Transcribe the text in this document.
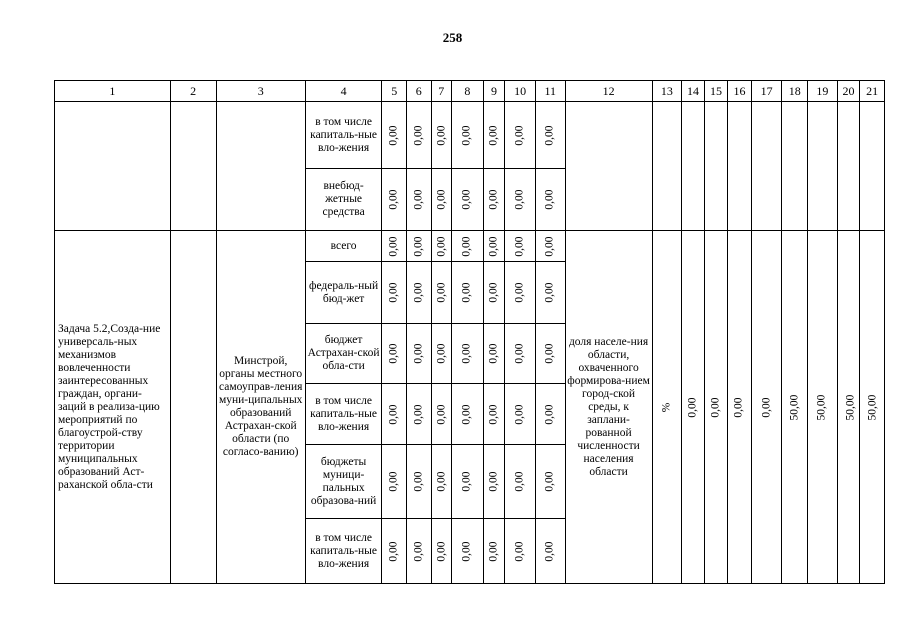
258
1	2	3	4	5	6	7	8	9	10	11	12	13	14	15	16	17	18	19	20	21
			в том числе капиталь-ные вло-жения	0,00	0,00	0,00	0,00	0,00	0,00	0,00										
			внебюд-жетные средства	0,00	0,00	0,00	0,00	0,00	0,00	0,00										
Задача 5.2,Созда-ние универсаль-ных механизмов вовлеченности заинтересованных граждан, органи-заций в реализа-цию мероприятий по благоустрой-ству территории муниципальных образований Аст-раханской обла-сти		Минстрой, органы местного самоуправ-ления муни-ципальных образований Астрахан-ской области (по согласо-ванию)	всего	0,00	0,00	0,00	0,00	0,00	0,00	0,00	доля населе-ния области, охваченного формирова-нием город-ской среды, к заплани-рованной численности населения области	%	0,00	0,00	0,00	0,00	50,00	50,00	50,00	50,00
			федераль-ный бюд-жет	0,00	0,00	0,00	0,00	0,00	0,00	0,00										
			бюджет Астрахан-ской обла-сти	0,00	0,00	0,00	0,00	0,00	0,00	0,00										
			в том числе капиталь-ные вло-жения	0,00	0,00	0,00	0,00	0,00	0,00	0,00										
			бюджеты муници-пальных образова-ний	0,00	0,00	0,00	0,00	0,00	0,00	0,00										
			в том числе капиталь-ные вло-жения	0,00	0,00	0,00	0,00	0,00	0,00	0,00										
